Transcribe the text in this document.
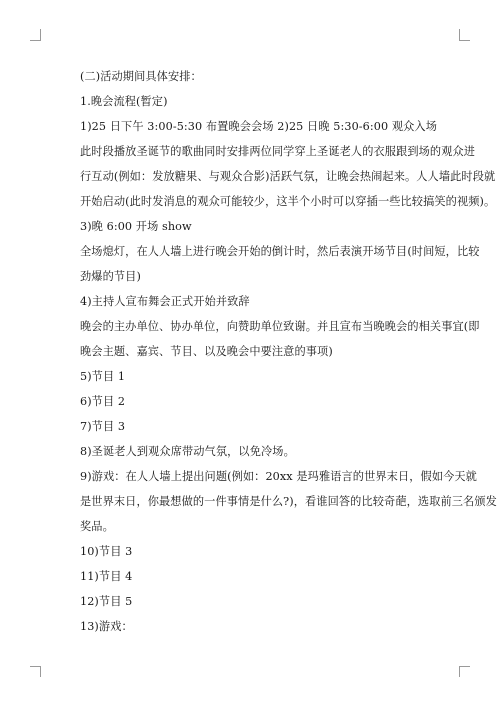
(二)活动期间具体安排：
1.晚会流程(暂定)
1)25 日下午 3:00-5:30 布置晚会会场 2)25 日晚 5:30-6:00 观众入场
此时段播放圣诞节的歌曲同时安排两位同学穿上圣诞老人的衣服跟到场的观众进
行互动(例如：发放糖果、与观众合影)活跃气氛，让晚会热闹起来。人人墙此时段就
开始启动(此时发消息的观众可能较少，这半个小时可以穿插一些比较搞笑的视频)。
3)晚 6:00 开场 show
全场熄灯，在人人墙上进行晚会开始的倒计时，然后表演开场节目(时间短，比较
劲爆的节目)
4)主持人宣布舞会正式开始并致辞
晚会的主办单位、协办单位，向赞助单位致谢。并且宣布当晚晚会的相关事宜(即
晚会主题、嘉宾、节目、以及晚会中要注意的事项)
5)节目 1
6)节目 2
7)节目 3
8)圣诞老人到观众席带动气氛，以免冷场。
9)游戏：在人人墙上提出问题(例如：20xx 是玛雅语言的世界末日，假如今天就
是世界末日，你最想做的一件事情是什么?)，看谁回答的比较奇葩，选取前三名颁发
奖品。
10)节目 3
11)节目 4
12)节目 5
13)游戏：
